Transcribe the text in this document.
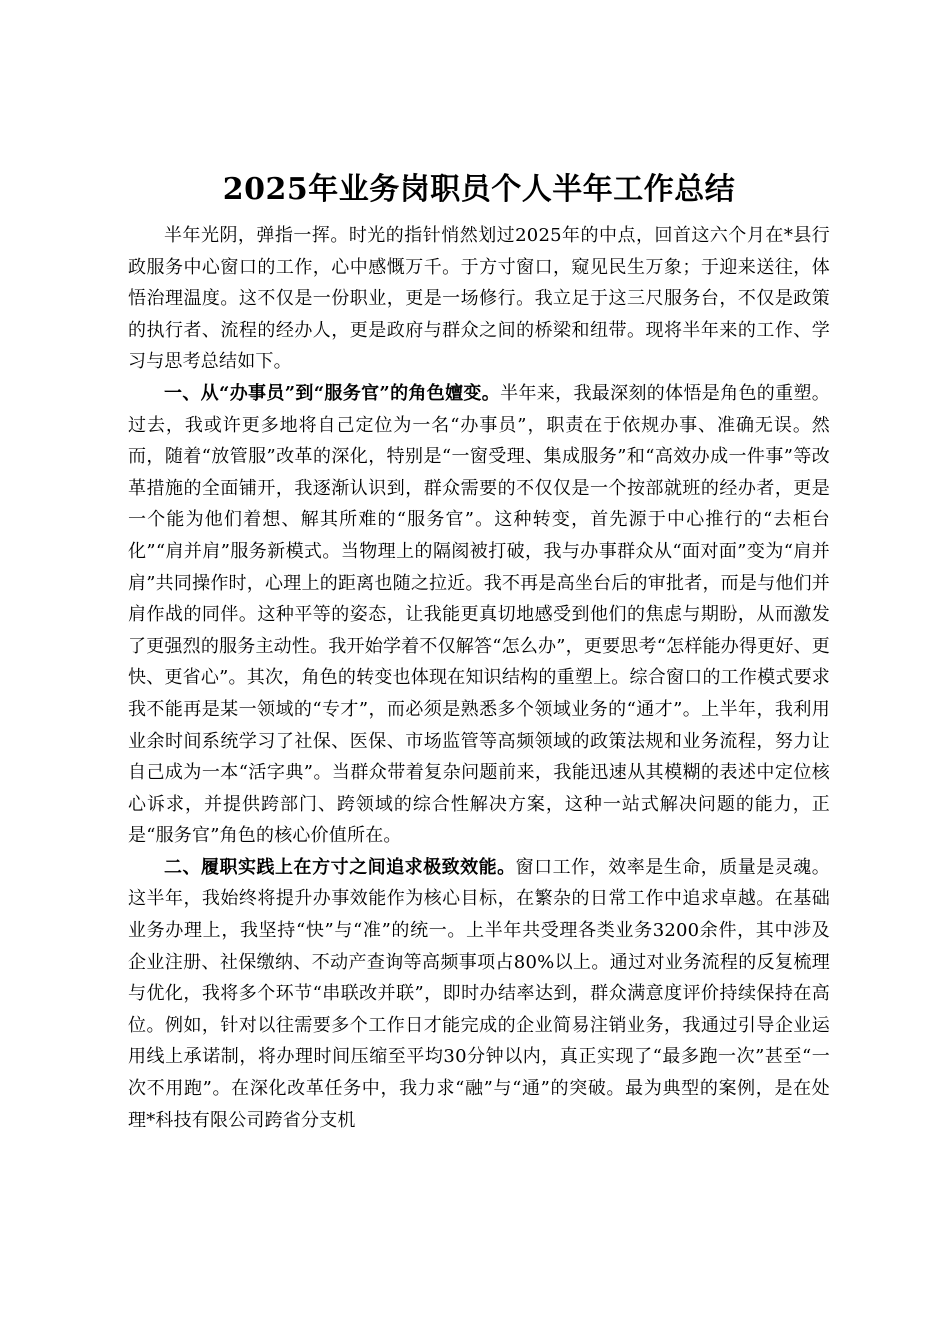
2025年业务岗职员个人半年工作总结

半年光阴，弹指一挥。时光的指针悄然划过2025年的中点，回首这六个月在*县行政服务中心窗口的工作，心中感慨万千。于方寸窗口，窥见民生万象；于迎来送往，体悟治理温度。这不仅是一份职业，更是一场修行。我立足于这三尺服务台，不仅是政策的执行者、流程的经办人，更是政府与群众之间的桥梁和纽带。现将半年来的工作、学习与思考总结如下。

一、从“办事员”到“服务官”的角色嬗变。半年来，我最深刻的体悟是角色的重塑。过去，我或许更多地将自己定位为一名“办事员”，职责在于依规办事、准确无误。然而，随着“放管服”改革的深化，特别是“一窗受理、集成服务”和“高效办成一件事”等改革措施的全面铺开，我逐渐认识到，群众需要的不仅仅是一个按部就班的经办者，更是一个能为他们着想、解其所难的“服务官”。这种转变，首先源于中心推行的“去柜台化”“肩并肩”服务新模式。当物理上的隔阂被打破，我与办事群众从“面对面”变为“肩并肩”共同操作时，心理上的距离也随之拉近。我不再是高坐台后的审批者，而是与他们并肩作战的同伴。这种平等的姿态，让我能更真切地感受到他们的焦虑与期盼，从而激发了更强烈的服务主动性。我开始学着不仅解答“怎么办”，更要思考“怎样能办得更好、更快、更省心”。其次，角色的转变也体现在知识结构的重塑上。综合窗口的工作模式要求我不能再是某一领域的“专才”，而必须是熟悉多个领域业务的“通才”。上半年，我利用业余时间系统学习了社保、医保、市场监管等高频领域的政策法规和业务流程，努力让自己成为一本“活字典”。当群众带着复杂问题前来，我能迅速从其模糊的表述中定位核心诉求，并提供跨部门、跨领域的综合性解决方案，这种一站式解决问题的能力，正是“服务官”角色的核心价值所在。

二、履职实践上在方寸之间追求极致效能。窗口工作，效率是生命，质量是灵魂。这半年，我始终将提升办事效能作为核心目标，在繁杂的日常工作中追求卓越。在基础业务办理上，我坚持“快”与“准”的统一。上半年共受理各类业务3200余件，其中涉及企业注册、社保缴纳、不动产查询等高频事项占80%以上。通过对业务流程的反复梳理与优化，我将多个环节“串联改并联”，即时办结率达到，群众满意度评价持续保持在高位。例如，针对以往需要多个工作日才能完成的企业简易注销业务，我通过引导企业运用线上承诺制，将办理时间压缩至平均30分钟以内，真正实现了“最多跑一次”甚至“一次不用跑”。在深化改革任务中，我力求“融”与“通”的突破。最为典型的案例，是在处理*科技有限公司跨省分支机
